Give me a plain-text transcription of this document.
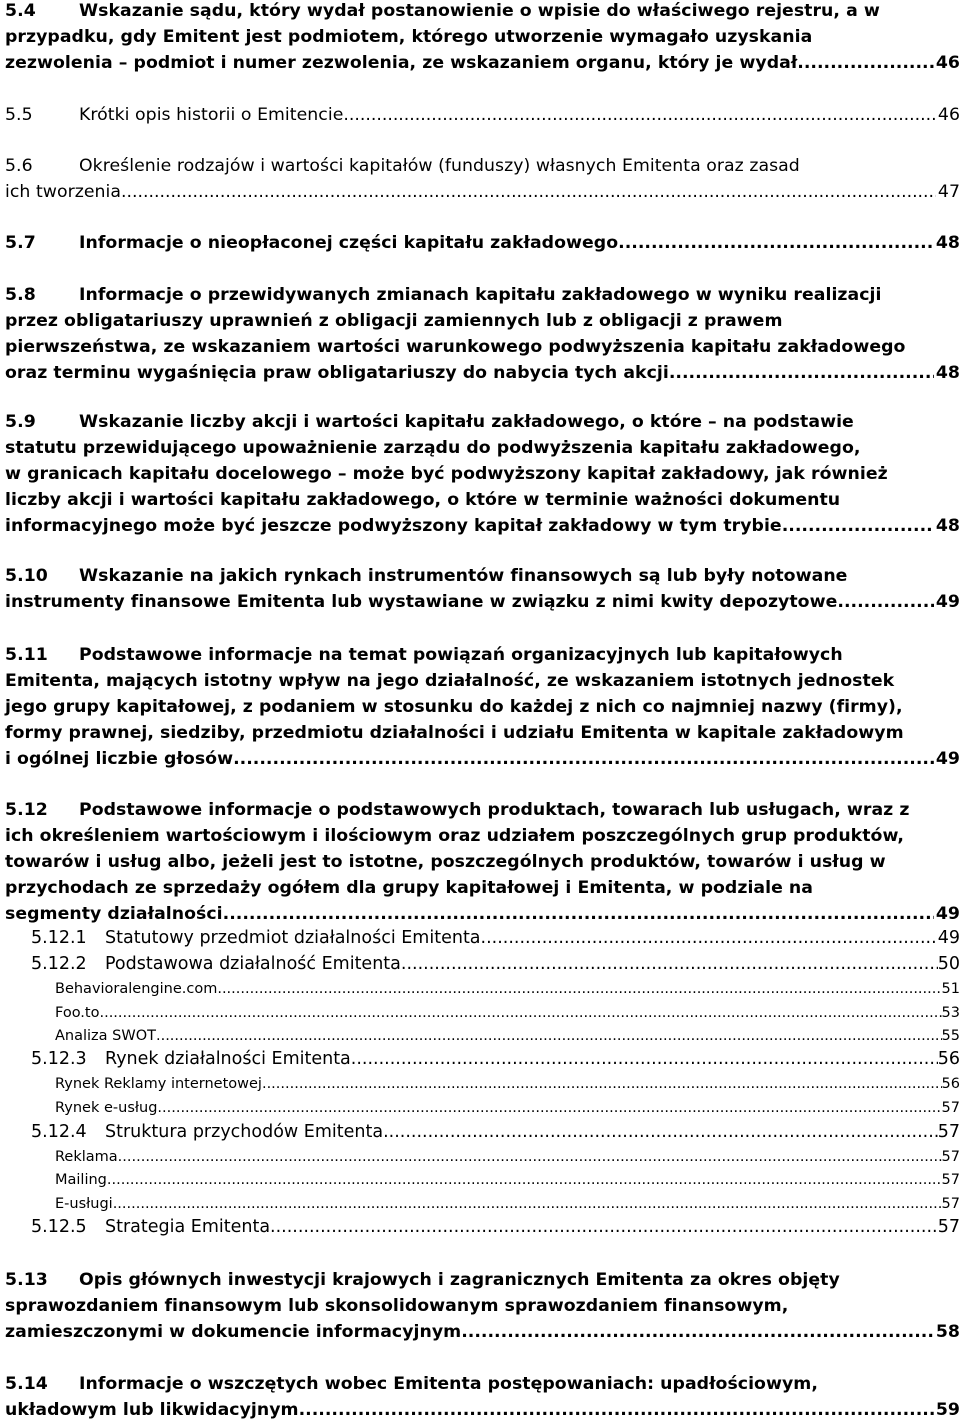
5.4	Wskazanie sądu, który wydał postanowienie o wpisie do właściwego rejestru, a w
przypadku, gdy Emitent jest podmiotem, którego utworzenie wymagało uzyskania
zezwolenia – podmiot i numer zezwolenia, ze wskazaniem organu, który je wydał .....	46
5.5	Krótki opis historii o Emitencie .....	46
5.6	Określenie rodzajów i wartości kapitałów (funduszy) własnych Emitenta oraz zasad
ich tworzenia .....	47
5.7	Informacje o nieopłaconej części kapitału zakładowego .....	48
5.8	Informacje o przewidywanych zmianach kapitału zakładowego w wyniku realizacji
przez obligatariuszy uprawnień z obligacji zamiennych lub z obligacji z prawem
pierwszeństwa, ze wskazaniem wartości warunkowego podwyższenia kapitału zakładowego
oraz terminu wygaśnięcia praw obligatariuszy do nabycia tych akcji .....	48
5.9	Wskazanie liczby akcji i wartości kapitału zakładowego, o które – na podstawie
statutu przewidującego upoważnienie zarządu do podwyższenia kapitału zakładowego,
w granicach kapitału docelowego – może być podwyższony kapitał zakładowy, jak również
liczby akcji i wartości kapitału zakładowego, o które w terminie ważności dokumentu
informacyjnego może być jeszcze podwyższony kapitał zakładowy w tym trybie .....	48
5.10	Wskazanie na jakich rynkach instrumentów finansowych są lub były notowane
instrumenty finansowe Emitenta lub wystawiane w związku z nimi kwity depozytowe .....	49
5.11	Podstawowe informacje na temat powiązań organizacyjnych lub kapitałowych
Emitenta, mających istotny wpływ na jego działalność, ze wskazaniem istotnych jednostek
jego grupy kapitałowej, z podaniem w stosunku do każdej z nich co najmniej nazwy (firmy),
formy prawnej, siedziby, przedmiotu działalności i udziału Emitenta w kapitale zakładowym
i ogólnej liczbie głosów .....	49
5.12	Podstawowe informacje o podstawowych produktach, towarach lub usługach, wraz z
ich określeniem wartościowym i ilościowym oraz udziałem poszczególnych grup produktów,
towarów i usług albo, jeżeli jest to istotne, poszczególnych produktów, towarów i usług w
przychodach ze sprzedaży ogółem dla grupy kapitałowej i Emitenta, w podziale na
segmenty działalności .....	49
5.12.1	Statutowy przedmiot działalności Emitenta .....	49
5.12.2	Podstawowa działalność Emitenta .....	50
Behavioralengine.com .....	51
Foo.to .....	53
Analiza SWOT .....	55
5.12.3	Rynek działalności Emitenta .....	56
Rynek Reklamy internetowej .....	56
Rynek e-usług .....	57
5.12.4	Struktura przychodów Emitenta .....	57
Reklama .....	57
Mailing .....	57
E-usługi .....	57
5.12.5	Strategia Emitenta .....	57
5.13	Opis głównych inwestycji krajowych i zagranicznych Emitenta za okres objęty
sprawozdaniem finansowym lub skonsolidowanym sprawozdaniem finansowym,
zamieszczonymi w dokumencie informacyjnym .....	58
5.14	Informacje o wszczętych wobec Emitenta postępowaniach: upadłościowym,
układowym lub likwidacyjnym .....	59
